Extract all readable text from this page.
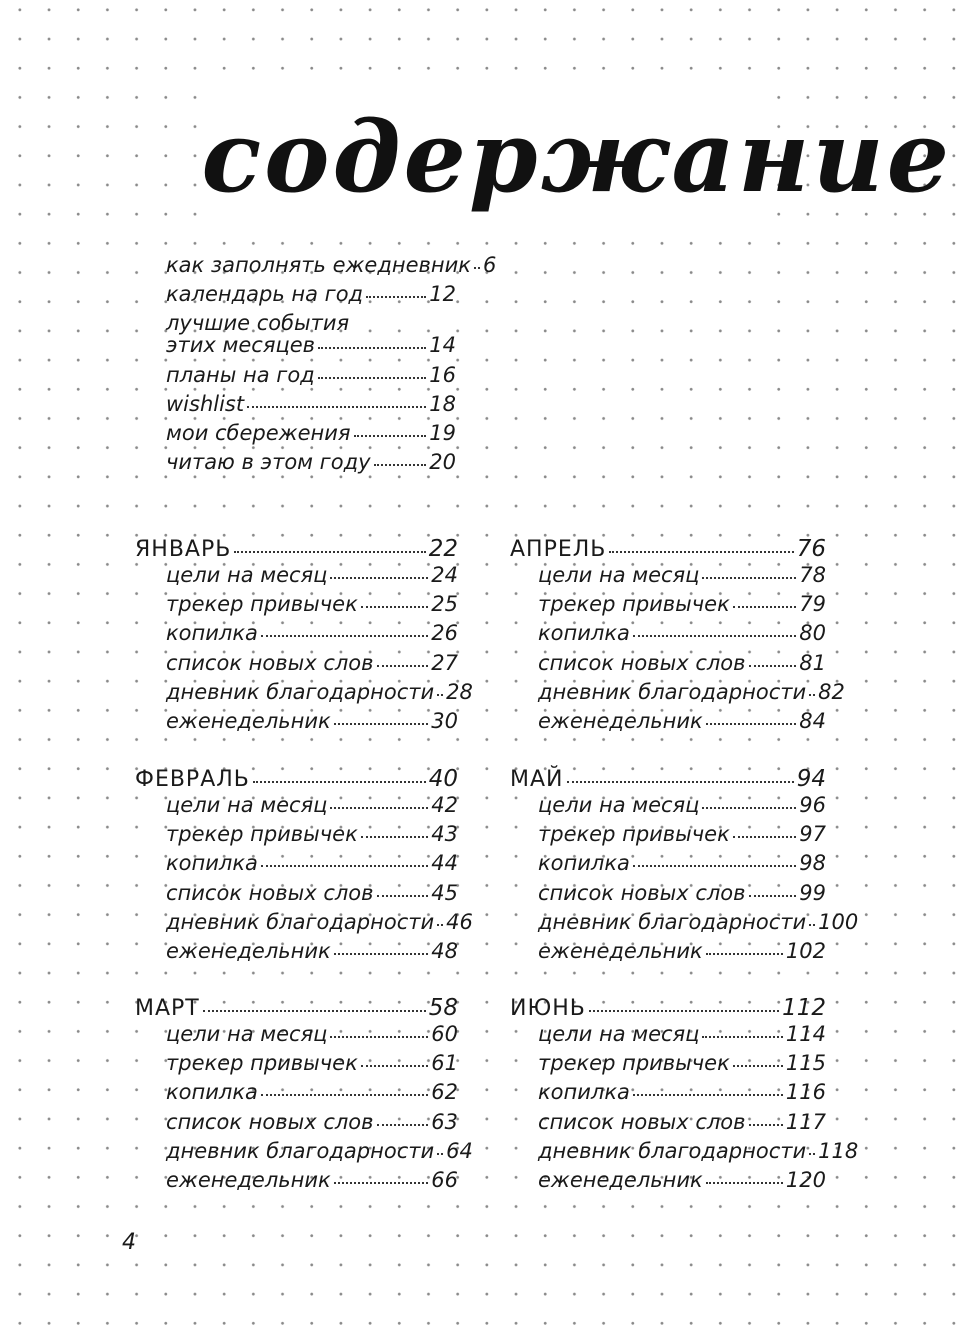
содержание
как заполнять ежедневник 6
календарь на год	12
лучшие события
этих месяцев	14
планы на год	16
wishlist	18
мои сбережения	19
читаю в этом году	20
ЯНВАРЬ	22
цели на месяц	24
трекер привычек	25
копилка	26
список новых слов	27
дневник благодарности 28
еженедельник	30
ФЕВРАЛЬ	40
цели на месяц	42
трекер привычек	43
копилка	44
список новых слов	45
дневник благодарности 46
еженедельник	48
МАРТ	58
цели на месяц	60
трекер привычек	61
копилка	62
список новых слов	63
дневник благодарности 64
еженедельник	66
АПРЕЛЬ	76
цели на месяц	78
трекер привычек	79
копилка	80
список новых слов	81
дневник благодарности 82
еженедельник	84
МАЙ	94
цели на месяц	96
трекер привычек	97
копилка	98
список новых слов	99
дневник благодарности 100
еженедельник	102
ИЮНЬ	112
цели на месяц	114
трекер привычек	115
копилка	116
список новых слов 117
дневник благодарности 118
еженедельник	120
4
